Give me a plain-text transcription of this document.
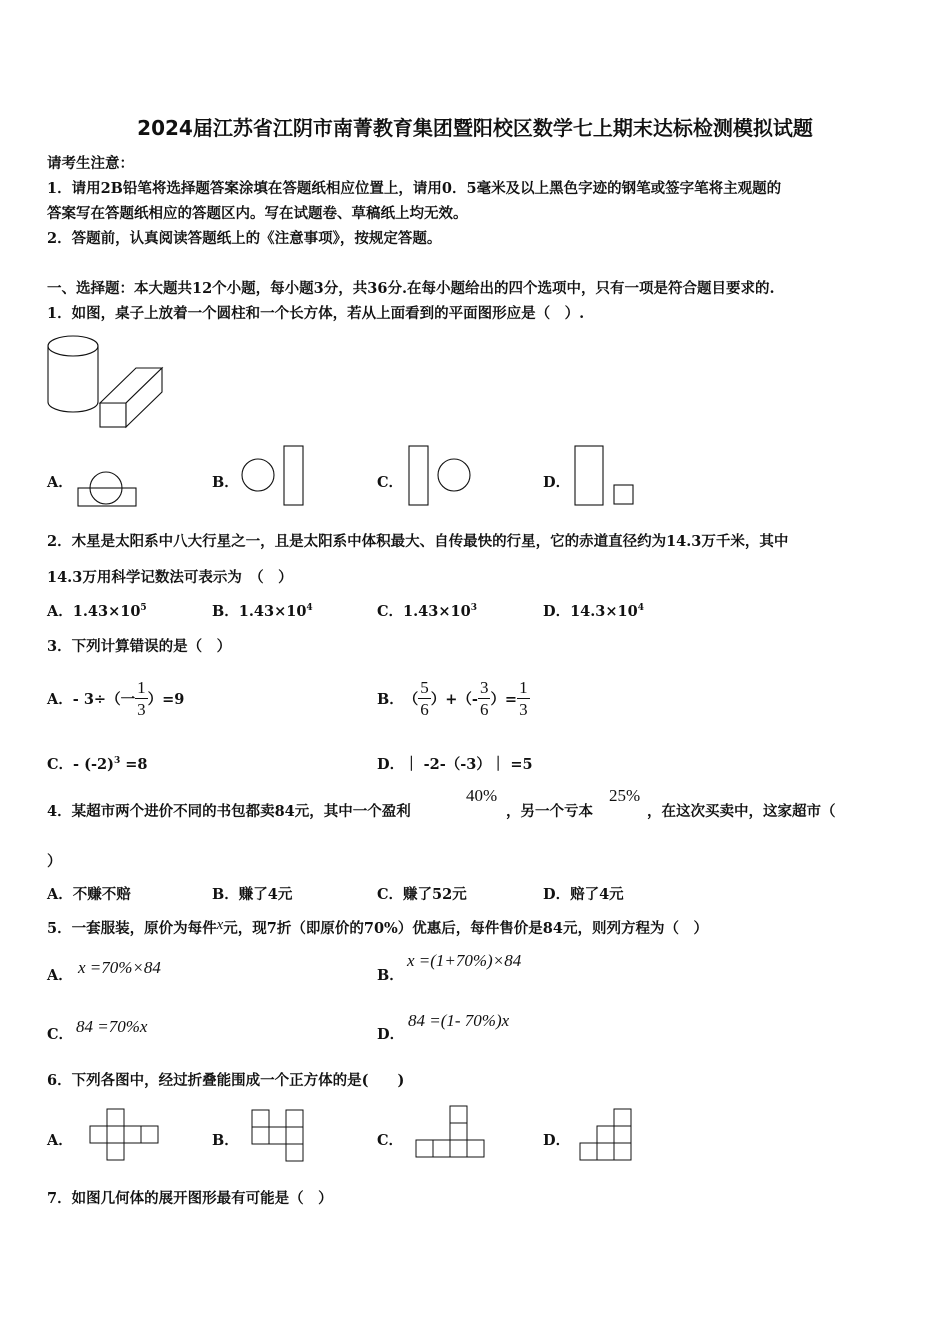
2024届江苏省江阴市南菁教育集团暨阳校区数学七上期末达标检测模拟试题
请考生注意：
1．请用2B铅笔将选择题答案涂填在答题纸相应位置上，请用0．5毫米及以上黑色字迹的钢笔或签字笔将主观题的
答案写在答题纸相应的答题区内。写在试题卷、草稿纸上均无效。
2．答题前，认真阅读答题纸上的《注意事项》，按规定答题。
一、选择题：本大题共12个小题，每小题3分，共36分.在每小题给出的四个选项中，只有一项是符合题目要求的.
1．如图，桌子上放着一个圆柱和一个长方体，若从上面看到的平面图形应是（　）.
A．	B．	C．	D．
2．木星是太阳系中八大行星之一，且是太阳系中体积最大、自传最快的行星，它的赤道直径约为14.3万千米，其中
14.3万用科学记数法可表示为　（　）
A．$1.43\times 10^5$	B．$1.43\times 10^4$	C．$1.43\times 10^3$	D．$14.3\times 10^4$
3．下列计算错误的是（　）
A． - 3÷（一 $\frac{1}{3} )=9$	B． （ $\frac{5}{6}$ ）+（- $\frac{3}{6}$ ）= $\frac{1}{3}$
C．- $(-2)^3 =8$	D．｜ -2-（-3）｜ =5
4．某超市两个进价不同的书包都卖84元，其中一个盈利
40%
，另一个亏本
25%
，在这次买卖中，这家超市（
）
A．不赚不赔	B．赚了4元	C．赚了52元	D．赔了4元
5．一套服装，原价为每件x元，现7折（即原价的70%）优惠后，每件售价是84元，则列方程为（　）
A． x =70%×84	B．
x =(1+70%)×84
C． 84 =70%x	D．
84 =(1- 70%)x
6．下列各图中，经过折叠能围成一个正方体的是(　　)
A．	B．	C．	D．
7．如图几何体的展开图形最有可能是（　）
